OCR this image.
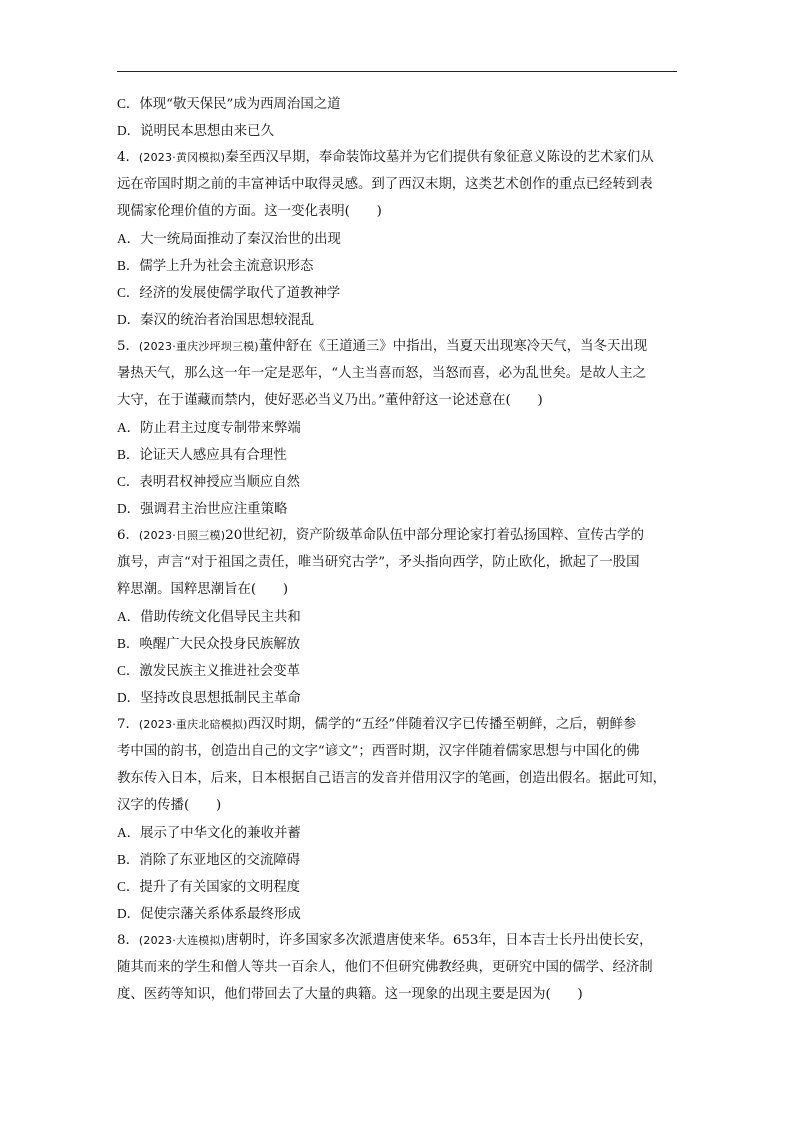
C．体现“敬天保民”成为西周治国之道
D．说明民本思想由来已久
4．(2023·黄冈模拟)秦至西汉早期，奉命装饰坟墓并为它们提供有象征意义陈设的艺术家们从
远在帝国时期之前的丰富神话中取得灵感。到了西汉末期，这类艺术创作的重点已经转到表
现儒家伦理价值的方面。这一变化表明(　　)
A．大一统局面推动了秦汉治世的出现
B．儒学上升为社会主流意识形态
C．经济的发展使儒学取代了道教神学
D．秦汉的统治者治国思想较混乱
5．(2023·重庆沙坪坝三模)董仲舒在《王道通三》中指出，当夏天出现寒冷天气，当冬天出现
暑热天气，那么这一年一定是恶年，“人主当喜而怒，当怒而喜，必为乱世矣。是故人主之
大守，在于谨藏而禁内，使好恶必当义乃出。”董仲舒这一论述意在(　　)
A．防止君主过度专制带来弊端
B．论证天人感应具有合理性
C．表明君权神授应当顺应自然
D．强调君主治世应注重策略
6．(2023·日照三模)20世纪初，资产阶级革命队伍中部分理论家打着弘扬国粹、宣传古学的
旗号，声言“对于祖国之责任，唯当研究古学”，矛头指向西学，防止欧化，掀起了一股国
粹思潮。国粹思潮旨在(　　)
A．借助传统文化倡导民主共和
B．唤醒广大民众投身民族解放
C．激发民族主义推进社会变革
D．坚持改良思想抵制民主革命
7．(2023·重庆北碚模拟)西汉时期，儒学的“五经”伴随着汉字已传播至朝鲜，之后，朝鲜参
考中国的韵书，创造出自己的文字“谚文”；西晋时期，汉字伴随着儒家思想与中国化的佛
教东传入日本，后来，日本根据自己语言的发音并借用汉字的笔画，创造出假名。据此可知，
汉字的传播(　　)
A．展示了中华文化的兼收并蓄
B．消除了东亚地区的交流障碍
C．提升了有关国家的文明程度
D．促使宗藩关系体系最终形成
8．(2023·大连模拟)唐朝时，许多国家多次派遣唐使来华。653年，日本吉士长丹出使长安，
随其而来的学生和僧人等共一百余人，他们不但研究佛教经典，更研究中国的儒学、经济制
度、医药等知识，他们带回去了大量的典籍。这一现象的出现主要是因为(　　)
